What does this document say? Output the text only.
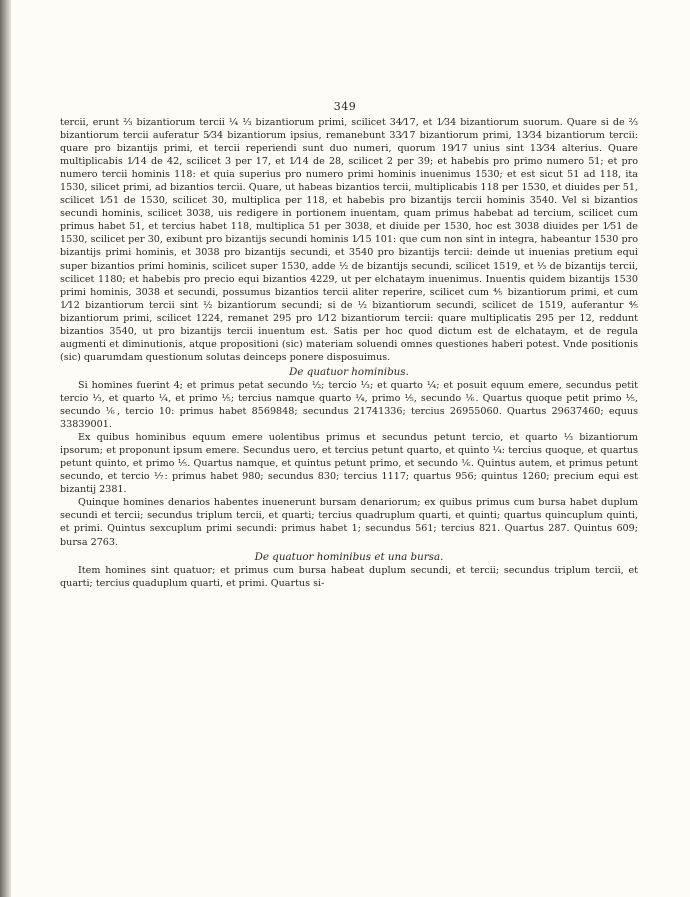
349

tercii, erunt ⅔ bizantiorum tercii ¼ ⅓ bizantiorum primi, scilicet 34⁄17, et 1⁄34 bizantiorum suorum. Quare si de ⅔ bizantiorum tercii auferatur 5⁄34 bizantiorum ipsius, remanebunt 33⁄17 bizantiorum primi, 13⁄34 bizantiorum tercii: quare pro bizantijs primi, et tercii reperiendi sunt duo numeri, quorum 19⁄17 unius sint 13⁄34 alterius. Quare multiplicabis 1⁄14 de 42, scilicet 3 per 17, et 1⁄14 de 28, scilicet 2 per 39; et habebis pro primo numero 51; et pro numero tercii hominis 118: et quia superius pro numero primi hominis inuenimus 1530; et est sicut 51 ad 118, ita 1530, silicet primi, ad bizantios tercii. Quare, ut habeas bizantios tercii, multiplicabis 118 per 1530, et diuides per 51, scilicet 1⁄51 de 1530, scilicet 30, multiplica per 118, et habebis pro bizantijs tercii hominis 3540. Vel si bizantios secundi hominis, scilicet 3038, uis redigere in portionem inuentam, quam primus habebat ad tercium, scilicet cum primus habet 51, et tercius habet 118, multiplica 51 per 3038, et diuide per 1530, hoc est 3038 diuides per 1⁄51 de 1530, scilicet per 30, exibunt pro bizantijs secundi hominis 1⁄15 101: que cum non sint in integra, habeantur 1530 pro bizantijs primi hominis, et 3038 pro bizantijs secundi, et 3540 pro bizantijs tercii: deinde ut inuenias pretium equi super bizantios primi hominis, scilicet super 1530, adde ½ de bizantijs secundi, scilicet 1519, et ⅓ de bizantijs tercii, scilicet 1180; et habebis pro precio equi bizantios 4229, ut per elchataym inuenimus. Inuentis quidem bizantijs 1530 primi hominis, 3038 et secundi, possumus bizantios tercii aliter reperire, scilicet cum ⅘ bizantiorum primi, et cum 1⁄12 bizantiorum tercii sint ½ bizantiorum secundi; si de ½ bizantiorum secundi, scilicet de 1519, auferantur ⅘ bizantiorum primi, scilicet 1224, remanet 295 pro 1⁄12 bizantiorum tercii: quare multiplicatis 295 per 12, reddunt bizantios 3540, ut pro bizantijs tercii inuentum est. Satis per hoc quod dictum est de elchataym, et de regula augmenti et diminutionis, atque propositioni (sic) materiam soluendi omnes questiones haberi potest. Vnde positionis (sic) quarumdam questionum solutas deinceps ponere disposuimus.

De quatuor hominibus.

Si homines fuerint 4; et primus petat secundo ½; tercio ⅓; et quarto ¼; et posuit equum emere, secundus petit tercio ⅓, et quarto ¼, et primo ⅕; tercius namque quarto ¼, primo ⅕, secundo ⅙. Quartus quoque petit primo ⅕, secundo ⅙, tercio 10: primus habet 8569848; secundus 21741336; tercius 26955060. Quartus 29637460; equus 33839001.

Ex quibus hominibus equum emere uolentibus primus et secundus petunt tercio, et quarto ⅓ bizantiorum ipsorum; et proponunt ipsum emere. Secundus uero, et tercius petunt quarto, et quinto ¼: tercius quoque, et quartus petunt quinto, et primo ⅕. Quartus namque, et quintus petunt primo, et secundo ⅙. Quintus autem, et primus petunt secundo, et tercio ⅐: primus habet 980; secundus 830; tercius 1117; quartus 956; quintus 1260; precium equi est bizantij 2381.

Quinque homines denarios habentes inuenerunt bursam denariorum; ex quibus primus cum bursa habet duplum secundi et tercii; secundus triplum tercii, et quarti; tercius quadruplum quarti, et quinti; quartus quincuplum quinti, et primi. Quintus sexcuplum primi secundi: primus habet 1; secundus 561; tercius 821. Quartus 287. Quintus 609; bursa 2763.

De quatuor hominibus et una bursa.

Item homines sint quatuor; et primus cum bursa habeat duplum secundi, et tercii; secundus triplum tercii, et quarti; tercius quaduplum quarti, et primi. Quartus si-
